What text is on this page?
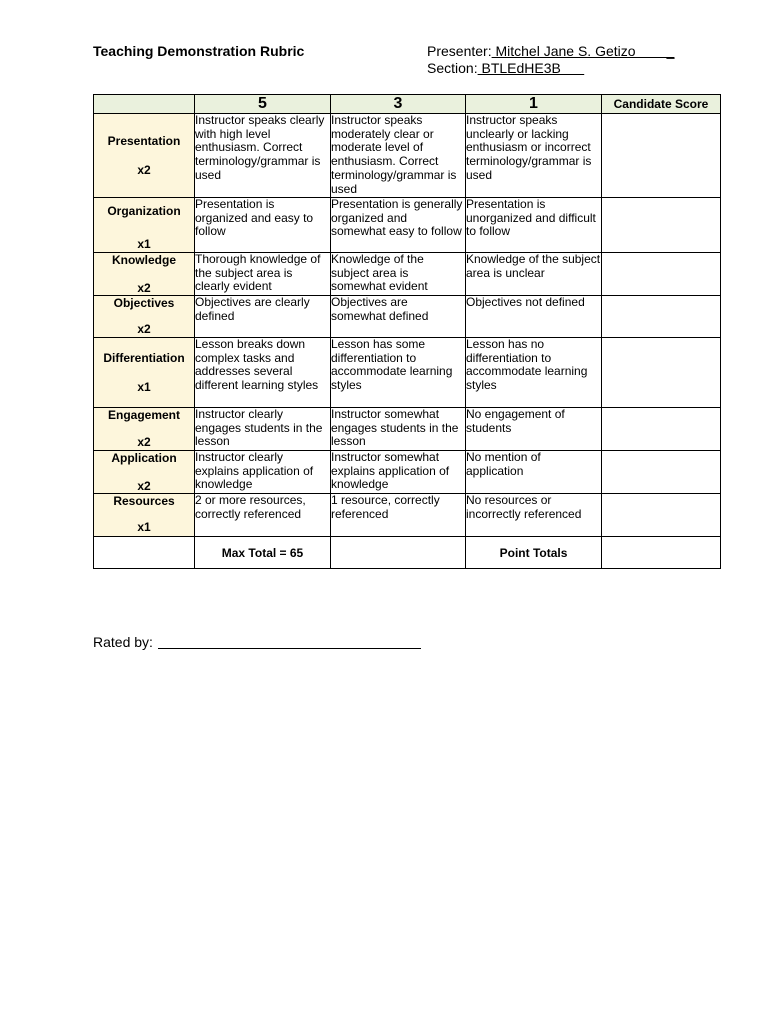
Teaching Demonstration Rubric	Presenter: Mitchel Jane S. Getizo        _
Section: BTLEdHE3B
	5	3	1	Candidate Score

Presentation
x2	Instructor speaks clearly with high level enthusiasm. Correct terminology/grammar is used	Instructor speaks moderately clear or moderate level of enthusiasm. Correct terminology/grammar is used	Instructor speaks unclearly or lacking enthusiasm or incorrect terminology/grammar is used	

Organization
x1	Presentation is organized and easy to follow	Presentation is generally organized and somewhat easy to follow	Presentation is unorganized and difficult to follow	

Knowledge
x2	Thorough knowledge of the subject area is clearly evident	Knowledge of the subject area is somewhat evident	Knowledge of the subject area is unclear	

Objectives
x2	Objectives are clearly defined	Objectives are somewhat defined	Objectives not defined	

Differentiation
x1	Lesson breaks down complex tasks and addresses several different learning styles	Lesson has some differentiation to accommodate learning styles	Lesson has no differentiation to accommodate learning styles	

Engagement
x2	Instructor clearly engages students in the lesson	Instructor somewhat engages students in the lesson	No engagement of students	

Application
x2	Instructor clearly explains application of knowledge	Instructor somewhat explains application of knowledge	No mention of application	

Resources
x1	2 or more resources, correctly referenced	1 resource, correctly referenced	No resources or incorrectly referenced	
	Max Total = 65		Point Totals	
Rated by:
